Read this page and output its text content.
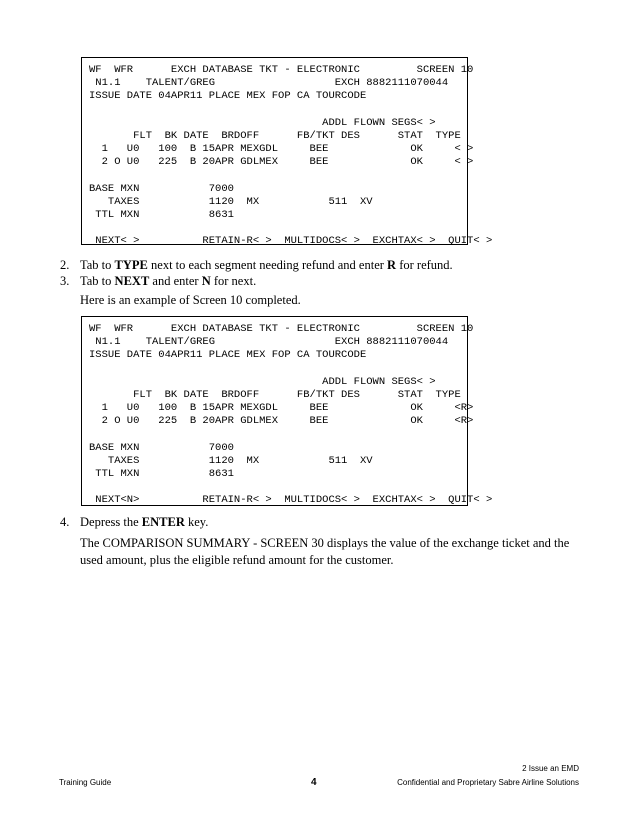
WF  WFR      EXCH DATABASE TKT - ELECTRONIC         SCREEN 10
N1.1    TALENT/GREG                   EXCH 8882111070044
ISSUE DATE 04APR11 PLACE MEX FOP CA TOURCODE
ADDL FLOWN SEGS< >
FLT  BK DATE  BRDOFF      FB/TKT DES      STAT  TYPE
1   U0   100  B 15APR MEXGDL     BEE             OK     < >
2 O U0   225  B 20APR GDLMEX     BEE             OK     < >
BASE MXN           7000
TAXES           1120  MX           511  XV
TTL MXN           8631
NEXT< >          RETAIN-R< >  MULTIDOCS< >  EXCHTAX< >  QUIT< >
2. Tab to TYPE next to each segment needing refund and enter R for refund.
3. Tab to NEXT and enter N for next.
Here is an example of Screen 10 completed.
WF  WFR      EXCH DATABASE TKT - ELECTRONIC         SCREEN 10
N1.1    TALENT/GREG                   EXCH 8882111070044
ISSUE DATE 04APR11 PLACE MEX FOP CA TOURCODE
ADDL FLOWN SEGS< >
FLT  BK DATE  BRDOFF      FB/TKT DES      STAT  TYPE
1   U0   100  B 15APR MEXGDL     BEE             OK     <R>
2 O U0   225  B 20APR GDLMEX     BEE             OK     <R>
BASE MXN           7000
TAXES           1120  MX           511  XV
TTL MXN           8631
NEXT<N>          RETAIN-R< >  MULTIDOCS< >  EXCHTAX< >  QUIT< >
4. Depress the ENTER key.
The COMPARISON SUMMARY - SCREEN 30 displays the value of the exchange ticket and the used amount, plus the eligible refund amount for the customer.
2 Issue an EMD
Training Guide	4	Confidential and Proprietary Sabre Airline Solutions
